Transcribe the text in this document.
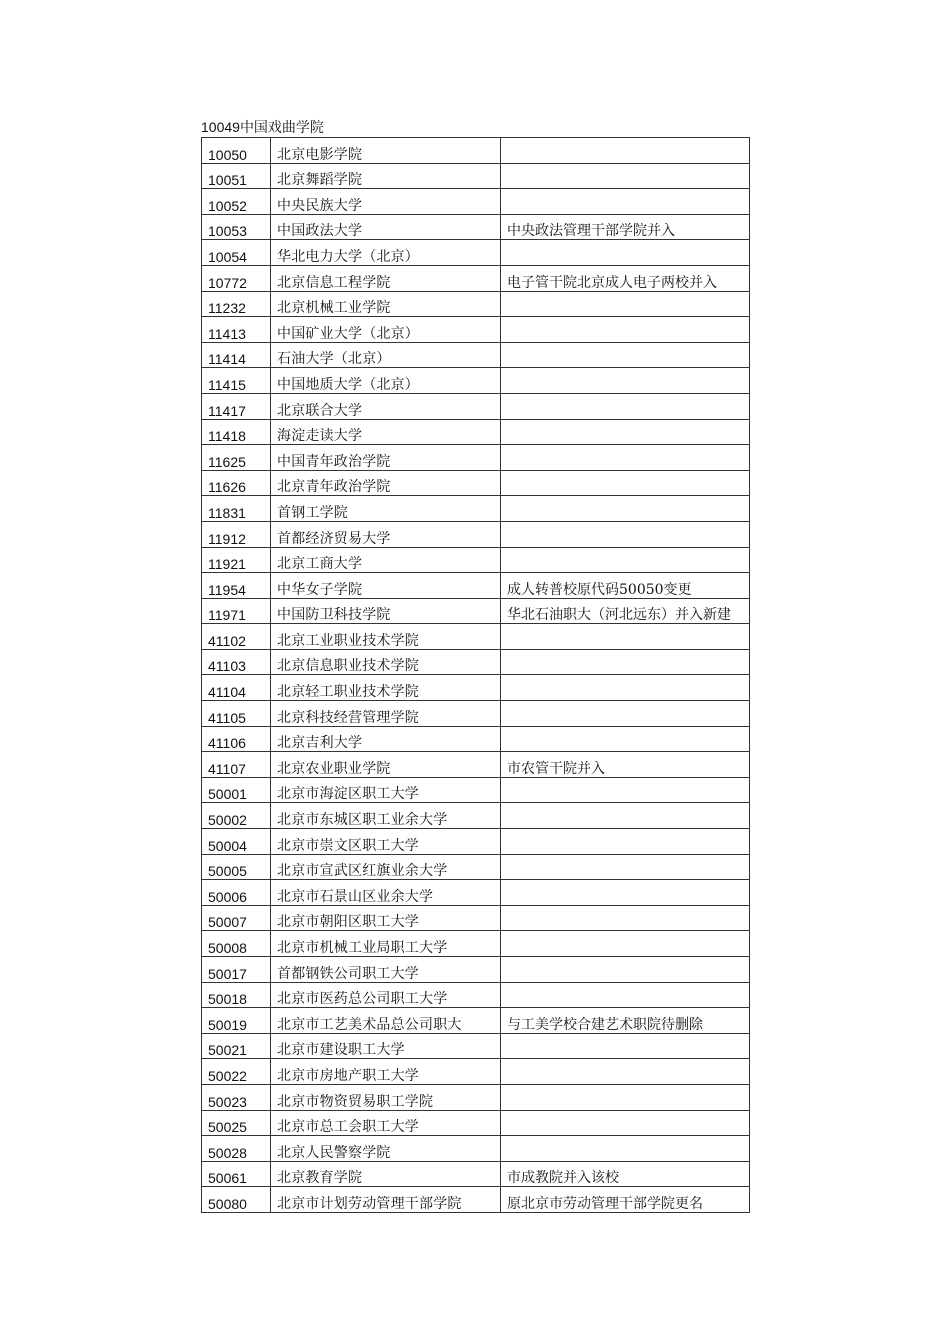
10049中国戏曲学院
10050	北京电影学院	
10051	北京舞蹈学院	
10052	中央民族大学	
10053	中国政法大学	中央政法管理干部学院并入
10054	华北电力大学（北京）	
10772	北京信息工程学院	电子管干院北京成人电子两校并入
11232	北京机械工业学院	
11413	中国矿业大学（北京）	
11414	石油大学（北京）	
11415	中国地质大学（北京）	
11417	北京联合大学	
11418	海淀走读大学	
11625	中国青年政治学院	
11626	北京青年政治学院	
11831	首钢工学院	
11912	首都经济贸易大学	
11921	北京工商大学	
11954	中华女子学院	成人转普校原代码50050变更
11971	中国防卫科技学院	华北石油职大（河北远东）并入新建
41102	北京工业职业技术学院	
41103	北京信息职业技术学院	
41104	北京轻工职业技术学院	
41105	北京科技经营管理学院	
41106	北京吉利大学	
41107	北京农业职业学院	市农管干院并入
50001	北京市海淀区职工大学	
50002	北京市东城区职工业余大学	
50004	北京市崇文区职工大学	
50005	北京市宣武区红旗业余大学	
50006	北京市石景山区业余大学	
50007	北京市朝阳区职工大学	
50008	北京市机械工业局职工大学	
50017	首都钢铁公司职工大学	
50018	北京市医药总公司职工大学	
50019	北京市工艺美术品总公司职大	与工美学校合建艺术职院待删除
50021	北京市建设职工大学	
50022	北京市房地产职工大学	
50023	北京市物资贸易职工学院	
50025	北京市总工会职工大学	
50028	北京人民警察学院	
50061	北京教育学院	市成教院并入该校
50080	北京市计划劳动管理干部学院	原北京市劳动管理干部学院更名
